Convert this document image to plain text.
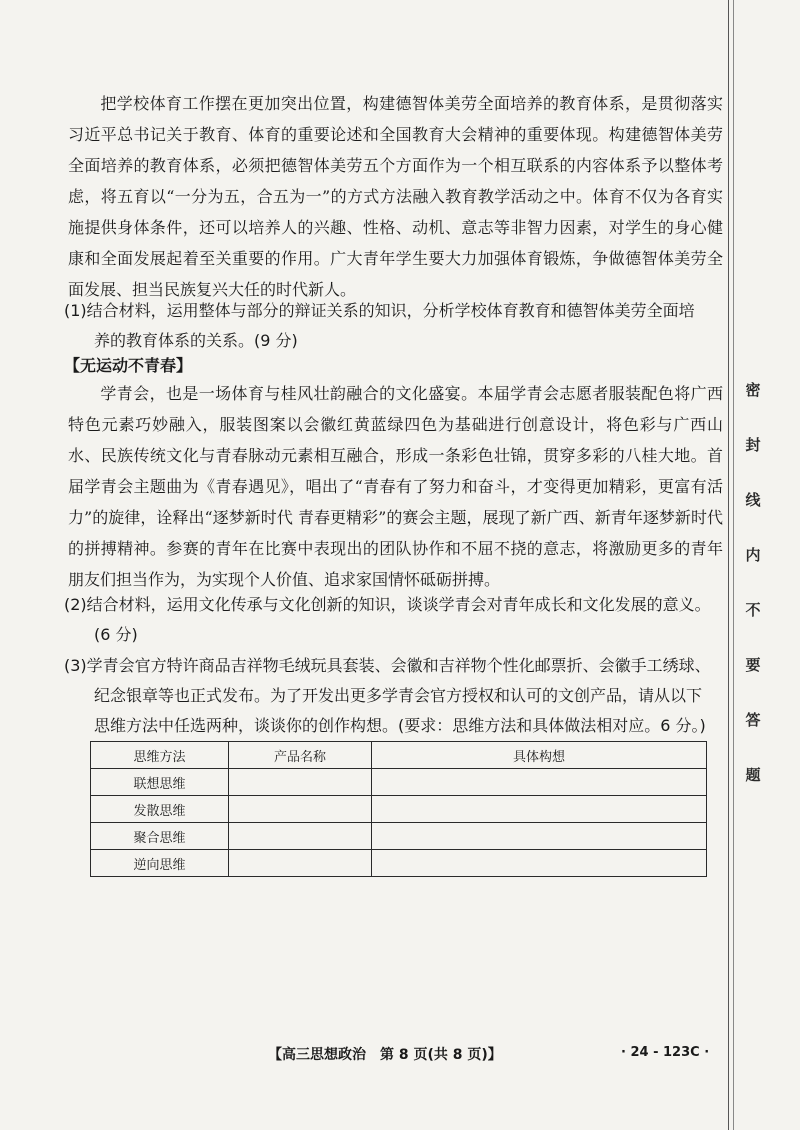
把学校体育工作摆在更加突出位置，构建德智体美劳全面培养的教育体系，是贯彻落实习近平总书记关于教育、体育的重要论述和全国教育大会精神的重要体现。构建德智体美劳全面培养的教育体系，必须把德智体美劳五个方面作为一个相互联系的内容体系予以整体考虑，将五育以“一分为五，合五为一”的方式方法融入教育教学活动之中。体育不仅为各育实施提供身体条件，还可以培养人的兴趣、性格、动机、意志等非智力因素，对学生的身心健康和全面发展起着至关重要的作用。广大青年学生要大力加强体育锻炼，争做德智体美劳全面发展、担当民族复兴大任的时代新人。
(1)结合材料，运用整体与部分的辩证关系的知识，分析学校体育教育和德智体美劳全面培
养的教育体系的关系。(9 分)
【无运动不青春】
学青会，也是一场体育与桂风壮韵融合的文化盛宴。本届学青会志愿者服装配色将广西特色元素巧妙融入，服装图案以会徽红黄蓝绿四色为基础进行创意设计，将色彩与广西山水、民族传统文化与青春脉动元素相互融合，形成一条彩色壮锦，贯穿多彩的八桂大地。首届学青会主题曲为《青春遇见》，唱出了“青春有了努力和奋斗，才变得更加精彩，更富有活力”的旋律，诠释出“逐梦新时代 青春更精彩”的赛会主题，展现了新广西、新青年逐梦新时代的拼搏精神。参赛的青年在比赛中表现出的团队协作和不屈不挠的意志，将激励更多的青年朋友们担当作为，为实现个人价值、追求家国情怀砥砺拼搏。
(2)结合材料，运用文化传承与文化创新的知识，谈谈学青会对青年成长和文化发展的意义。
(6 分)
(3)学青会官方特许商品吉祥物毛绒玩具套装、会徽和吉祥物个性化邮票折、会徽手工绣球、
纪念银章等也正式发布。为了开发出更多学青会官方授权和认可的文创产品，请从以下
思维方法中任选两种，谈谈你的创作构想。(要求：思维方法和具体做法相对应。6 分。)
思维方法	产品名称	具体构想
联想思维		
发散思维		
聚合思维		
逆向思维		
密
封
线
内
不
要
答
题
【高三思想政治　第 8 页(共 8 页)】	· 24 - 123C ·
